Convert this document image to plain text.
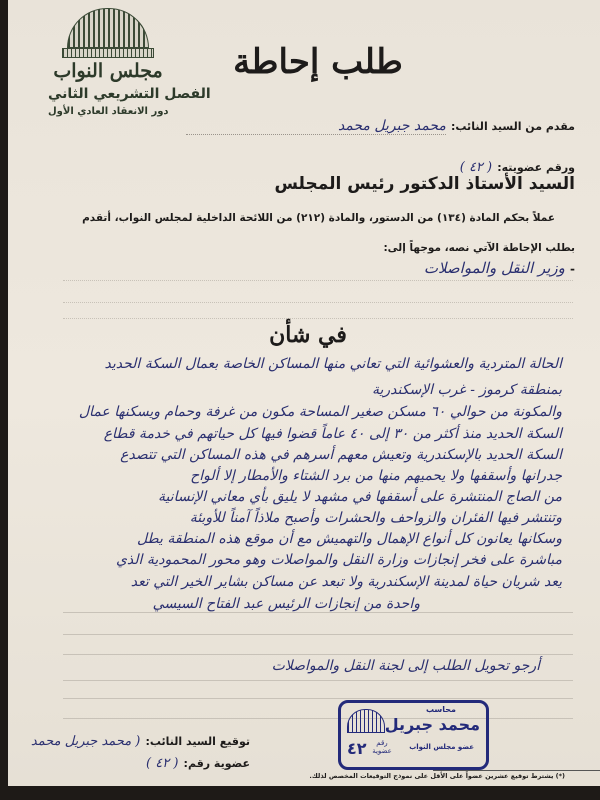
مجلس النواب
الفصل التشريعي الثاني
دور الانعقاد العادي الأول
طلب إحاطة
مقدم من السيد النائب: محمد جبريل محمد
ورقم عضويته: ( ٤٢ )
السيد الأستاذ الدكتور رئيس المجلس
عملاً بحكم المادة (١٣٤) من الدستور، والمادة (٢١٢) من اللائحة الداخلية لمجلس النواب، أتقدم
بطلب الإحاطة الآتي نصه، موجهاً إلى:
- وزير النقل والمواصلات
في شأن
الحالة المتردية والعشوائية التي تعاني منها المساكن الخاصة بعمال السكة الحديد
بمنطقة كرموز - غرب الإسكندرية
والمكونة من حوالي ٦٠ مسكن صغير المساحة مكون من غرفة وحمام ويسكنها عمال
السكة الحديد منذ أكثر من ٣٠ إلى ٤٠ عاماً قضوا فيها كل حياتهم في خدمة قطاع
السكة الحديد بالإسكندرية وتعيش معهم أسرهم في هذه المساكن التي تتصدع
جدرانها وأسقفها ولا يحميهم منها من برد الشتاء والأمطار إلا ألواح
من الصاج المنتشرة على أسقفها في مشهد لا يليق بأي معاني الإنسانية
وتنتشر فيها الفئران والزواحف والحشرات وأصبح ملاذاً آمناً للأوبئة
وسكانها يعانون كل أنواع الإهمال والتهميش مع أن موقع هذه المنطقة يطل
مباشرة على فخر إنجازات وزارة النقل والمواصلات وهو محور المحمودية الذي
يعد شريان حياة لمدينة الإسكندرية ولا تبعد عن مساكن بشاير الخير التي تعد
واحدة من إنجازات الرئيس عبد الفتاح السيسي
أرجو تحويل الطلب إلى لجنة النقل والمواصلات
محاسب
محمد جبريل
عضو مجلس النواب
رقم عضوية
٤٢
توقيع السيد النائب: ( محمد جبريل محمد
عضوية رقم: ( ٤٢ )
(*) يشترط توقيع عشرين عضواً على الأقل على نموذج التوقيعات المخصص لذلك.
